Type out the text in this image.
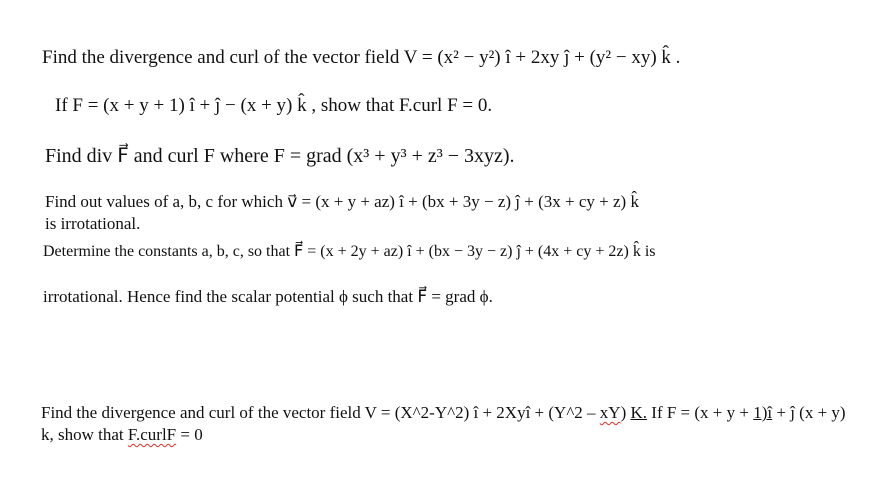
Find the divergence and curl of the vector field V = (x² − y²) î + 2xy ĵ + (y² − xy) k̂ .
If F = (x + y + 1) î + ĵ − (x + y) k̂ , show that F.curl F = 0.
Find div F⃗ and curl F where F = grad (x³ + y³ + z³ − 3xyz).
Find out values of a, b, c for which v⃗ = (x + y + az) î + (bx + 3y − z) ĵ + (3x + cy + z) k̂
is irrotational.
Determine the constants a, b, c, so that F⃗ = (x + 2y + az) î + (bx − 3y − z) ĵ + (4x + cy + 2z) k̂ is
irrotational. Hence find the scalar potential ϕ such that F⃗ = grad ϕ.
Find the divergence and curl of the vector field V = (X^2-Y^2) î + 2Xyî + (Y^2 – xY) K. If F = (x + y + 1)î + ĵ (x + y) k, show that F.curlF = 0
